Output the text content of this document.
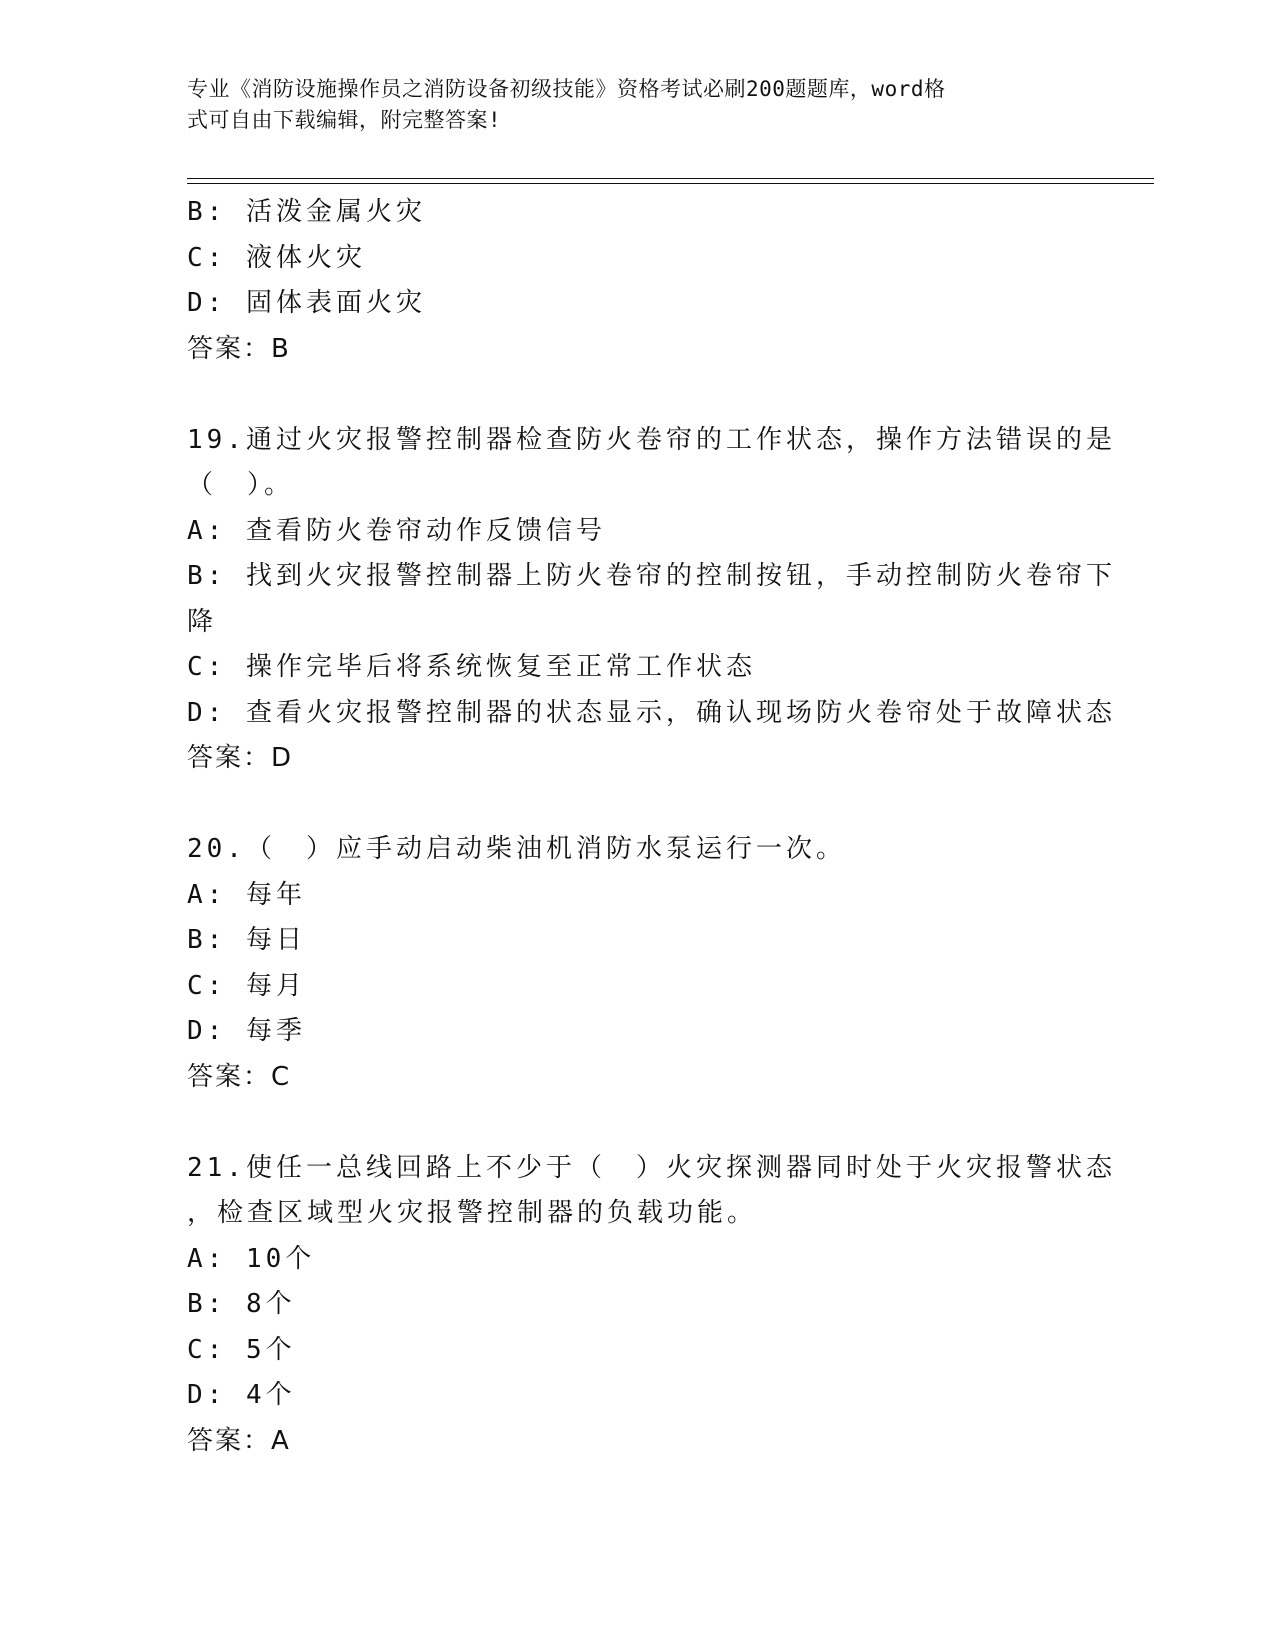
专业《消防设施操作员之消防设备初级技能》资格考试必刷200题题库，word格
式可自由下载编辑，附完整答案!
B: 活泼金属火灾
C: 液体火灾
D: 固体表面火灾
答案：B
19.通过火灾报警控制器检查防火卷帘的工作状态，操作方法错误的是
（　）。
A: 查看防火卷帘动作反馈信号
B: 找到火灾报警控制器上防火卷帘的控制按钮，手动控制防火卷帘下
降
C: 操作完毕后将系统恢复至正常工作状态
D: 查看火灾报警控制器的状态显示，确认现场防火卷帘处于故障状态
答案：D
20.（　）应手动启动柴油机消防水泵运行一次。
A: 每年
B: 每日
C: 每月
D: 每季
答案：C
21.使任一总线回路上不少于（　）火灾探测器同时处于火灾报警状态
，检查区域型火灾报警控制器的负载功能。
A: 10个
B: 8个
C: 5个
D: 4个
答案：A
